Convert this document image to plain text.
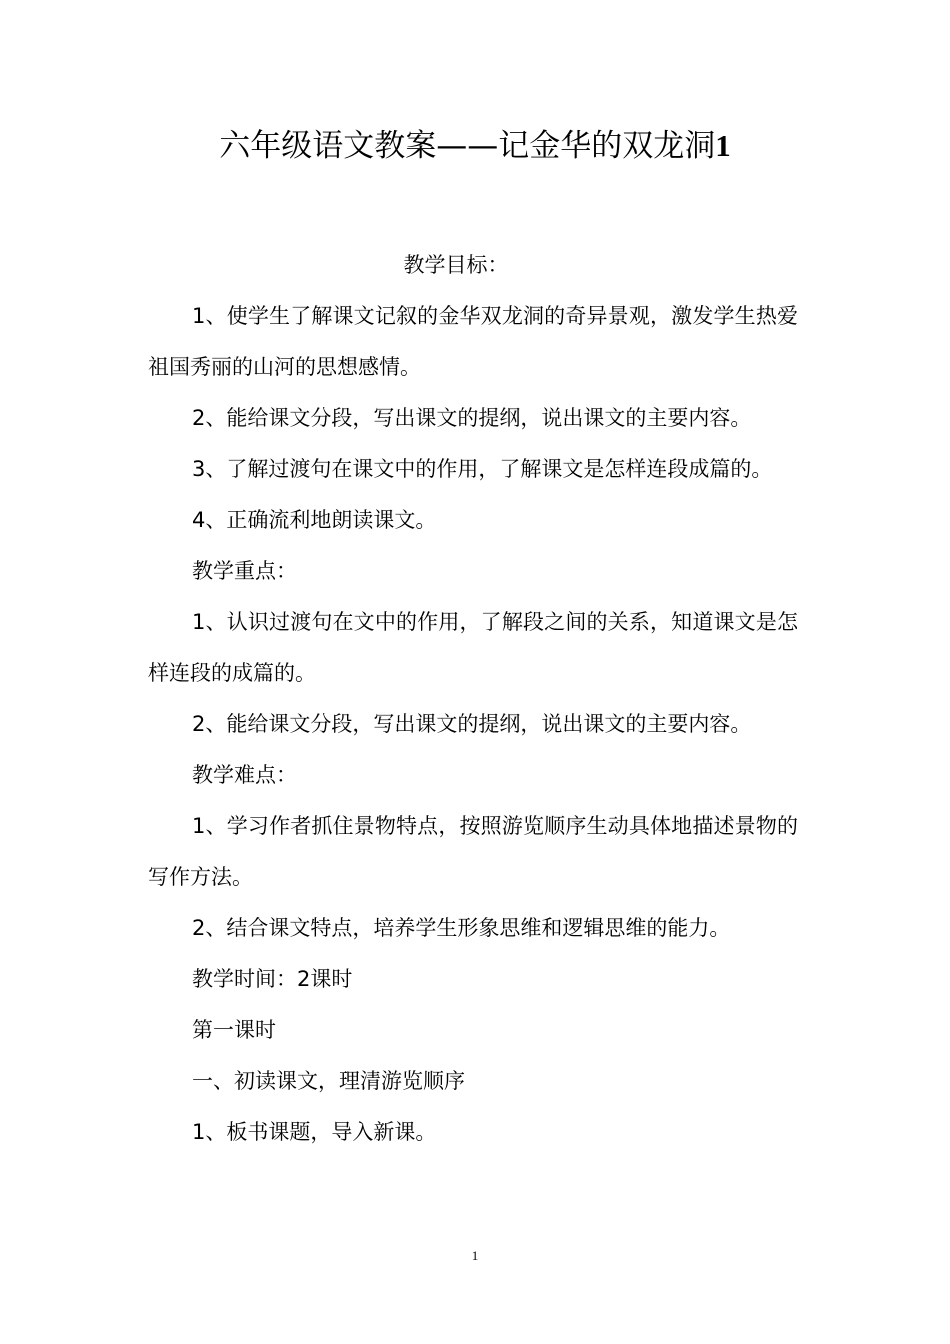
六年级语文教案——记金华的双龙洞1

教学目标：

1、使学生了解课文记叙的金华双龙洞的奇异景观，激发学生热爱祖国秀丽的山河的思想感情。

2、能给课文分段，写出课文的提纲，说出课文的主要内容。

3、了解过渡句在课文中的作用，了解课文是怎样连段成篇的。

4、正确流利地朗读课文。

教学重点：

1、认识过渡句在文中的作用，了解段之间的关系，知道课文是怎样连段的成篇的。

2、能给课文分段，写出课文的提纲，说出课文的主要内容。

教学难点：

1、学习作者抓住景物特点，按照游览顺序生动具体地描述景物的写作方法。

2、结合课文特点，培养学生形象思维和逻辑思维的能力。

教学时间：2课时

第一课时

一、初读课文，理清游览顺序

1、板书课题，导入新课。

1
